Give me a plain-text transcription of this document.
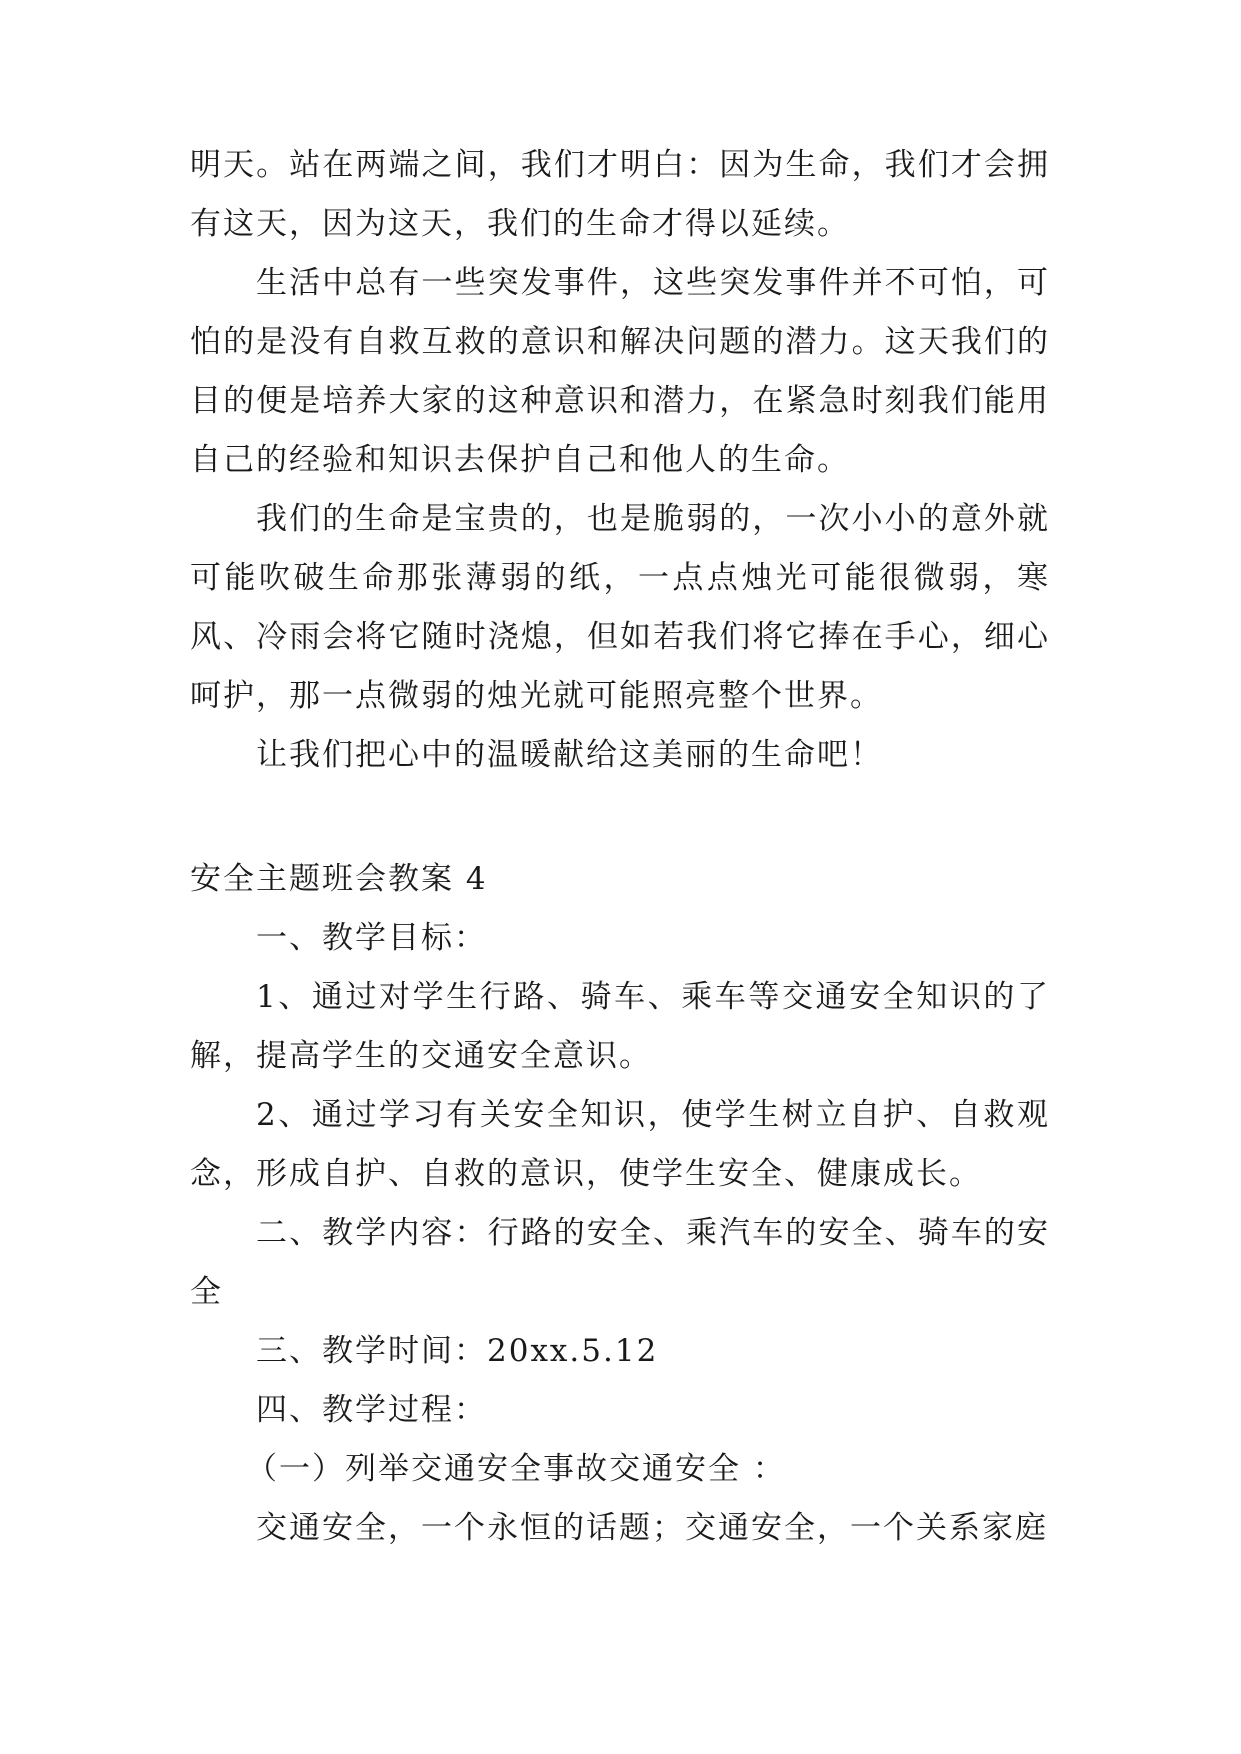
明天。站在两端之间，我们才明白：因为生命，我们才会拥有这天，因为这天，我们的生命才得以延续。

生活中总有一些突发事件，这些突发事件并不可怕，可怕的是没有自救互救的意识和解决问题的潜力。这天我们的目的便是培养大家的这种意识和潜力，在紧急时刻我们能用自己的经验和知识去保护自己和他人的生命。

我们的生命是宝贵的，也是脆弱的，一次小小的意外就可能吹破生命那张薄弱的纸，一点点烛光可能很微弱，寒风、冷雨会将它随时浇熄，但如若我们将它捧在手心，细心呵护，那一点微弱的烛光就可能照亮整个世界。

让我们把心中的温暖献给这美丽的生命吧！

安全主题班会教案 4

一、教学目标：

1、通过对学生行路、骑车、乘车等交通安全知识的了解，提高学生的交通安全意识。

2、通过学习有关安全知识，使学生树立自护、自救观念，形成自护、自救的意识，使学生安全、健康成长。

二、教学内容：行路的安全、乘汽车的安全、骑车的安全

三、教学时间：20xx.5.12

四、教学过程：

（一）列举交通安全事故交通安全 ：

交通安全，一个永恒的话题；交通安全，一个关系家庭
